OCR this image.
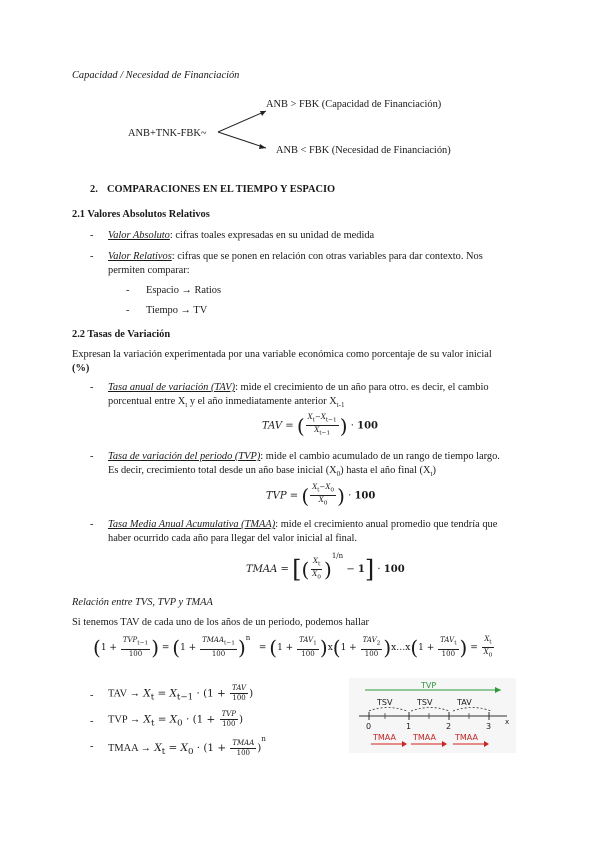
Capacidad / Necesidad de Financiación
ANB+TNK-FBK~
ANB > FBK (Capacidad de Financiación)
ANB < FBK (Necesidad de Financiación)
2. COMPARACIONES EN EL TIEMPO Y ESPACIO
2.1 Valores Absolutos Relativos
- Valor Absoluto: cifras toales expresadas en su unidad de medida
- Valor Relativos: cifras que se ponen en relación con otras variables para dar contexto. Nos
permiten comparar:
- Espacio → Ratios
- Tiempo → TV
2.2 Tasas de Variación
Expresan la variación experimentada por una variable económica como porcentaje de su valor inicial
(%)
- Tasa anual de variación (TAV): mide el crecimiento de un año para otro. es decir, el cambio
porcentual entre $X_t$ y el año inmediatamente anterior $X_{t-1}$
TAV = ( $\frac{X_t-X_{t-1}}{X_{t-1}}$ ) · 100
- Tasa de variación del periodo (TVP): mide el cambio acumulado de un rango de tiempo largo.
Es decir, crecimiento total desde un año base inicial $(X_0)$ hasta el año final $(X_t)$
TVP = ( $\frac{X_t-X_0}{X_0}$ ) · 100
- Tasa Media Anual Acumulativa (TMAA): mide el crecimiento anual promedio que tendría que
haber ocurrido cada año para llegar del valor inicial al final.
TMAA = [( $\frac{X_t}{X_0} )^{1/n} - 1] \cdot 100$
Relación entre TVS, TVP y TMAA
Si tenemos TAV de cada uno de los años de un periodo, podemos hallar
($1 + \frac{TVP_{t-1}}{100}$ ) = $(1 + \frac{TMAA_{t-1}}{100} )^n = (1 + \frac{TAV_1}{100} )x(1 + \frac{TAV_2}{100}$ )x…x(1 + $\frac{TAV_t}{100}$ ) = $\frac{X_t}{X_0}$
- TAV → $X_t = X_{t-1} \cdot (1 + \frac{\text{TAV}}{100}$ )
- TVP → $X_t = X_0 \cdot (1 + \frac{\text{TVP}}{100}$ )
- TMAA → $X_t = X_0 \cdot (1 + \frac{\text{TMAA}}{100} )^n$
TVP
TSV	TSV	TAV
0	1	2	3 x
TMAA TMAA TMAA
